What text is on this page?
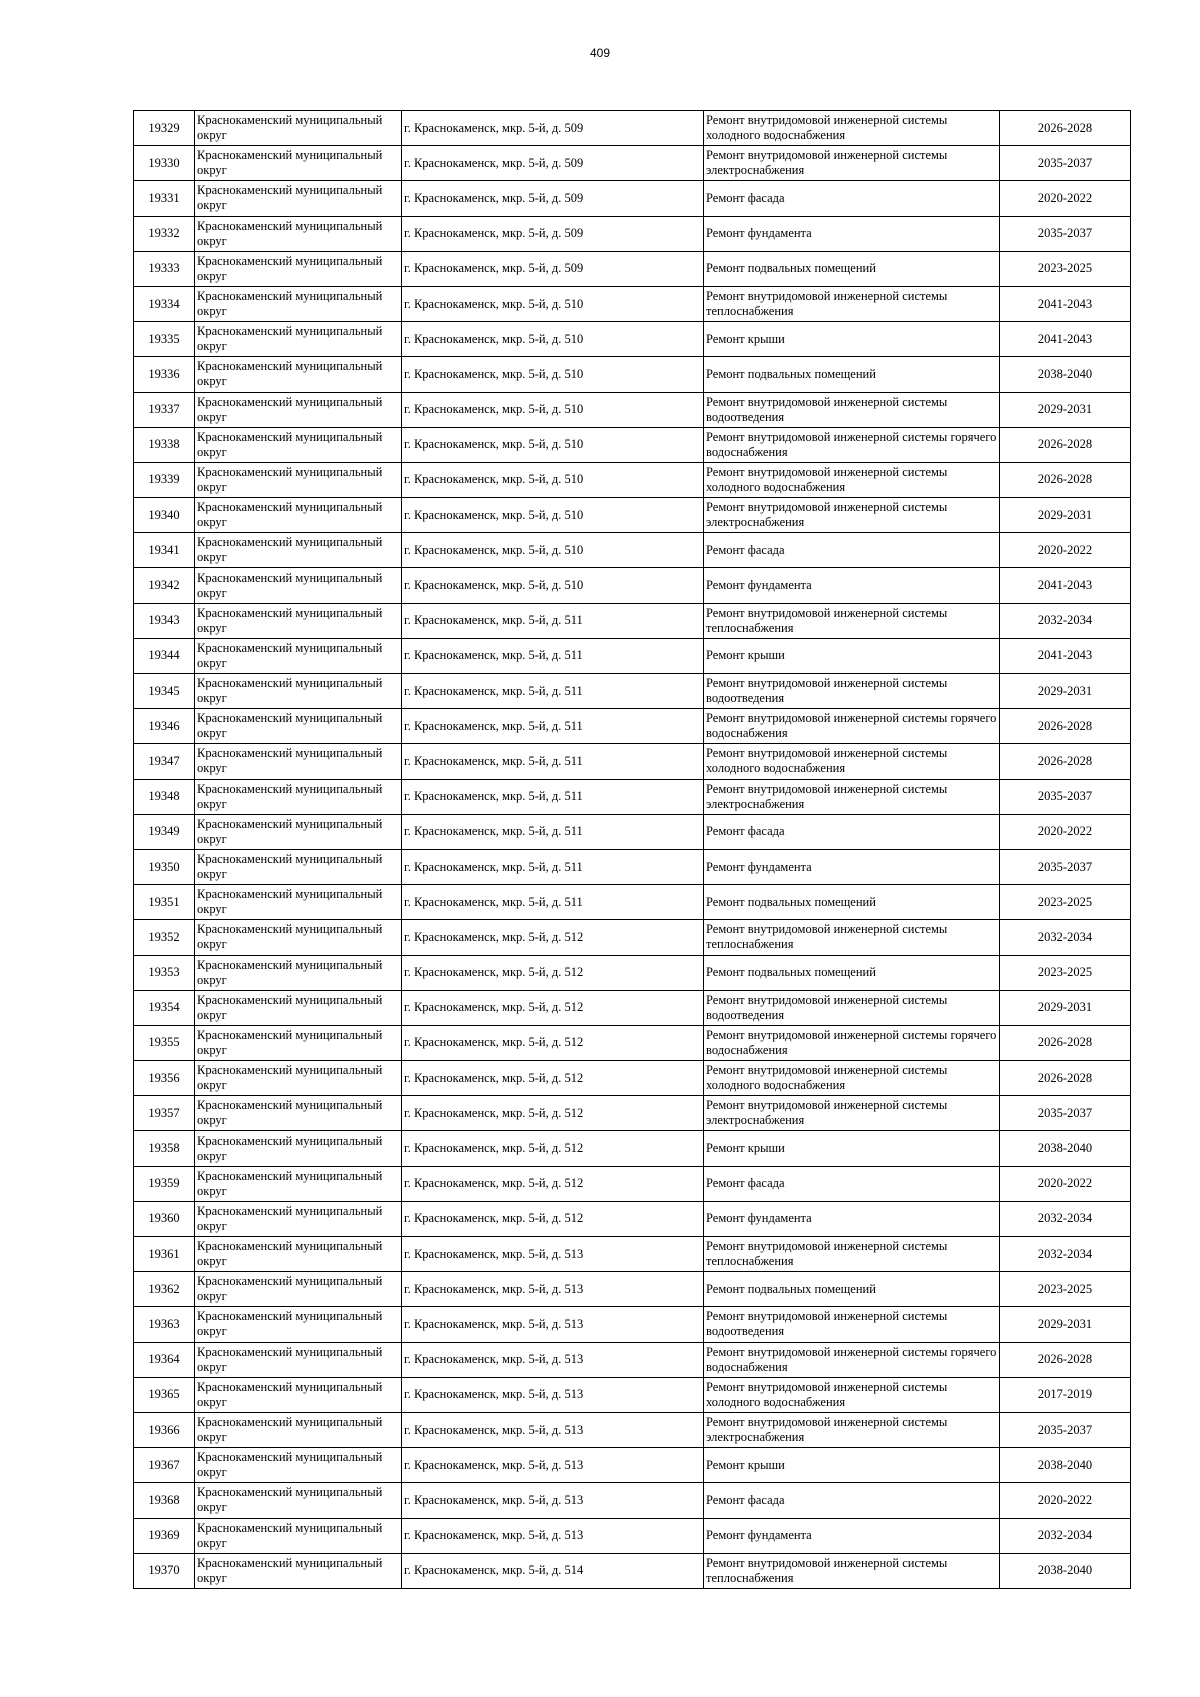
409
19329	Краснокаменский муниципальный округ	г. Краснокаменск, мкр. 5-й, д. 509	Ремонт внутридомовой инженерной системы холодного водоснабжения	2026-2028
19330	Краснокаменский муниципальный округ	г. Краснокаменск, мкр. 5-й, д. 509	Ремонт внутридомовой инженерной системы электроснабжения	2035-2037
19331	Краснокаменский муниципальный округ	г. Краснокаменск, мкр. 5-й, д. 509	Ремонт фасада	2020-2022
19332	Краснокаменский муниципальный округ	г. Краснокаменск, мкр. 5-й, д. 509	Ремонт фундамента	2035-2037
19333	Краснокаменский муниципальный округ	г. Краснокаменск, мкр. 5-й, д. 509	Ремонт подвальных помещений	2023-2025
19334	Краснокаменский муниципальный округ	г. Краснокаменск, мкр. 5-й, д. 510	Ремонт внутридомовой инженерной системы теплоснабжения	2041-2043
19335	Краснокаменский муниципальный округ	г. Краснокаменск, мкр. 5-й, д. 510	Ремонт крыши	2041-2043
19336	Краснокаменский муниципальный округ	г. Краснокаменск, мкр. 5-й, д. 510	Ремонт подвальных помещений	2038-2040
19337	Краснокаменский муниципальный округ	г. Краснокаменск, мкр. 5-й, д. 510	Ремонт внутридомовой инженерной системы водоотведения	2029-2031
19338	Краснокаменский муниципальный округ	г. Краснокаменск, мкр. 5-й, д. 510	Ремонт внутридомовой инженерной системы горячего водоснабжения	2026-2028
19339	Краснокаменский муниципальный округ	г. Краснокаменск, мкр. 5-й, д. 510	Ремонт внутридомовой инженерной системы холодного водоснабжения	2026-2028
19340	Краснокаменский муниципальный округ	г. Краснокаменск, мкр. 5-й, д. 510	Ремонт внутридомовой инженерной системы электроснабжения	2029-2031
19341	Краснокаменский муниципальный округ	г. Краснокаменск, мкр. 5-й, д. 510	Ремонт фасада	2020-2022
19342	Краснокаменский муниципальный округ	г. Краснокаменск, мкр. 5-й, д. 510	Ремонт фундамента	2041-2043
19343	Краснокаменский муниципальный округ	г. Краснокаменск, мкр. 5-й, д. 511	Ремонт внутридомовой инженерной системы теплоснабжения	2032-2034
19344	Краснокаменский муниципальный округ	г. Краснокаменск, мкр. 5-й, д. 511	Ремонт крыши	2041-2043
19345	Краснокаменский муниципальный округ	г. Краснокаменск, мкр. 5-й, д. 511	Ремонт внутридомовой инженерной системы водоотведения	2029-2031
19346	Краснокаменский муниципальный округ	г. Краснокаменск, мкр. 5-й, д. 511	Ремонт внутридомовой инженерной системы горячего водоснабжения	2026-2028
19347	Краснокаменский муниципальный округ	г. Краснокаменск, мкр. 5-й, д. 511	Ремонт внутридомовой инженерной системы холодного водоснабжения	2026-2028
19348	Краснокаменский муниципальный округ	г. Краснокаменск, мкр. 5-й, д. 511	Ремонт внутридомовой инженерной системы электроснабжения	2035-2037
19349	Краснокаменский муниципальный округ	г. Краснокаменск, мкр. 5-й, д. 511	Ремонт фасада	2020-2022
19350	Краснокаменский муниципальный округ	г. Краснокаменск, мкр. 5-й, д. 511	Ремонт фундамента	2035-2037
19351	Краснокаменский муниципальный округ	г. Краснокаменск, мкр. 5-й, д. 511	Ремонт подвальных помещений	2023-2025
19352	Краснокаменский муниципальный округ	г. Краснокаменск, мкр. 5-й, д. 512	Ремонт внутридомовой инженерной системы теплоснабжения	2032-2034
19353	Краснокаменский муниципальный округ	г. Краснокаменск, мкр. 5-й, д. 512	Ремонт подвальных помещений	2023-2025
19354	Краснокаменский муниципальный округ	г. Краснокаменск, мкр. 5-й, д. 512	Ремонт внутридомовой инженерной системы водоотведения	2029-2031
19355	Краснокаменский муниципальный округ	г. Краснокаменск, мкр. 5-й, д. 512	Ремонт внутридомовой инженерной системы горячего водоснабжения	2026-2028
19356	Краснокаменский муниципальный округ	г. Краснокаменск, мкр. 5-й, д. 512	Ремонт внутридомовой инженерной системы холодного водоснабжения	2026-2028
19357	Краснокаменский муниципальный округ	г. Краснокаменск, мкр. 5-й, д. 512	Ремонт внутридомовой инженерной системы электроснабжения	2035-2037
19358	Краснокаменский муниципальный округ	г. Краснокаменск, мкр. 5-й, д. 512	Ремонт крыши	2038-2040
19359	Краснокаменский муниципальный округ	г. Краснокаменск, мкр. 5-й, д. 512	Ремонт фасада	2020-2022
19360	Краснокаменский муниципальный округ	г. Краснокаменск, мкр. 5-й, д. 512	Ремонт фундамента	2032-2034
19361	Краснокаменский муниципальный округ	г. Краснокаменск, мкр. 5-й, д. 513	Ремонт внутридомовой инженерной системы теплоснабжения	2032-2034
19362	Краснокаменский муниципальный округ	г. Краснокаменск, мкр. 5-й, д. 513	Ремонт подвальных помещений	2023-2025
19363	Краснокаменский муниципальный округ	г. Краснокаменск, мкр. 5-й, д. 513	Ремонт внутридомовой инженерной системы водоотведения	2029-2031
19364	Краснокаменский муниципальный округ	г. Краснокаменск, мкр. 5-й, д. 513	Ремонт внутридомовой инженерной системы горячего водоснабжения	2026-2028
19365	Краснокаменский муниципальный округ	г. Краснокаменск, мкр. 5-й, д. 513	Ремонт внутридомовой инженерной системы холодного водоснабжения	2017-2019
19366	Краснокаменский муниципальный округ	г. Краснокаменск, мкр. 5-й, д. 513	Ремонт внутридомовой инженерной системы электроснабжения	2035-2037
19367	Краснокаменский муниципальный округ	г. Краснокаменск, мкр. 5-й, д. 513	Ремонт крыши	2038-2040
19368	Краснокаменский муниципальный округ	г. Краснокаменск, мкр. 5-й, д. 513	Ремонт фасада	2020-2022
19369	Краснокаменский муниципальный округ	г. Краснокаменск, мкр. 5-й, д. 513	Ремонт фундамента	2032-2034
19370	Краснокаменский муниципальный округ	г. Краснокаменск, мкр. 5-й, д. 514	Ремонт внутридомовой инженерной системы теплоснабжения	2038-2040
